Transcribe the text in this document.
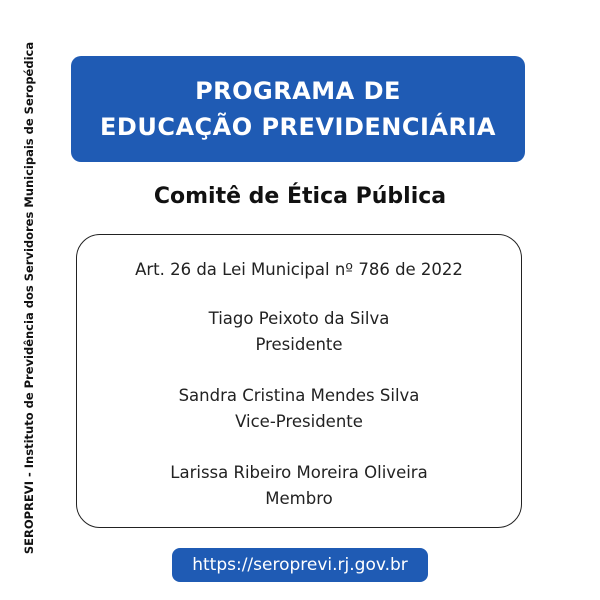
SEROPREVI - Instituto de Previdência dos Servidores Municipais de Seropédica	PROGRAMA DE
EDUCAÇÃO PREVIDENCIÁRIA
Comitê de Ética Pública
Art. 26 da Lei Municipal nº 786 de 2022
Tiago Peixoto da Silva
Presidente
Sandra Cristina Mendes Silva
Vice-Presidente
Larissa Ribeiro Moreira Oliveira
Membro
https://seroprevi.rj.gov.br
